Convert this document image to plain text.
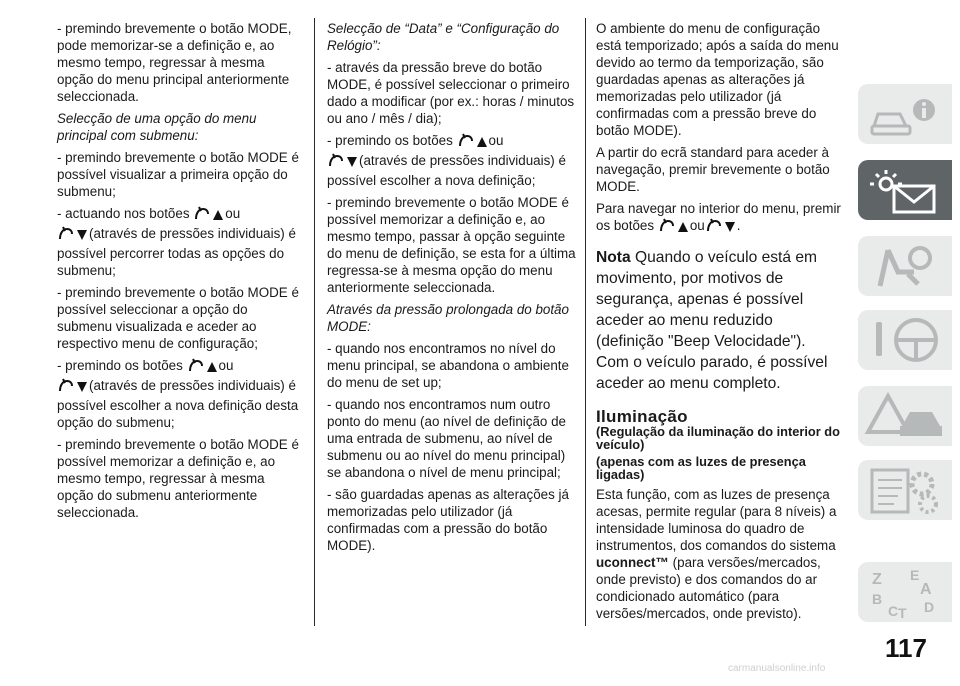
- premindo brevemente o botão MODE, pode memorizar-se a definição e, ao mesmo tempo, regressar à mesma opção do menu principal anteriormente seleccionada.

Selecção de uma opção do menu principal com submenu:

- premindo brevemente o botão MODE é possível visualizar a primeira opção do submenu;

- actuando nos botões	ou
(através de pressões individuais) é possível percorrer todas as opções do submenu;

- premindo brevemente o botão MODE é possível seleccionar a opção do submenu visualizada e aceder ao respectivo menu de configuração;

- premindo os botões	ou
(através de pressões individuais) é possível escolher a nova definição desta opção do submenu;

- premindo brevemente o botão MODE é possível memorizar a definição e, ao mesmo tempo, regressar à mesma opção do submenu anteriormente seleccionada.

Selecção de “Data” e “Configuração do Relógio”:

- através da pressão breve do botão MODE, é possível seleccionar o primeiro dado a modificar (por ex.: horas / minutos ou ano / mês / dia);

- premindo os botões	ou
(através de pressões individuais) é possível escolher a nova definição;

- premindo brevemente o botão MODE é possível memorizar a definição e, ao mesmo tempo, passar à opção seguinte do menu de definição, se esta for a última regressa-se à mesma opção do menu anteriormente seleccionada.

Através da pressão prolongada do botão MODE:

- quando nos encontramos no nível do menu principal, se abandona o ambiente do menu de set up;

- quando nos encontramos num outro ponto do menu (ao nível de definição de uma entrada de submenu, ao nível de submenu ou ao nível do menu principal) se abandona o nível de menu principal;

- são guardadas apenas as alterações já memorizadas pelo utilizador (já confirmadas com a pressão do botão MODE).

O ambiente do menu de configuração está temporizado; após a saída do menu devido ao termo da temporização, são guardadas apenas as alterações já memorizadas pelo utilizador (já confirmadas com a pressão breve do botão MODE).

A partir do ecrã standard para aceder à navegação, premir brevemente o botão MODE.

Para navegar no interior do menu, premir os botões	ou .

Nota Quando o veículo está em movimento, por motivos de segurança, apenas é possível aceder ao menu reduzido (definição "Beep Velocidade"). Com o veículo parado, é possível aceder ao menu completo.

Iluminação

(Regulação da iluminação do interior do veículo)

(apenas com as luzes de presença ligadas)

Esta função, com as luzes de presença acesas, permite regular (para 8 níveis) a intensidade luminosa do quadro de instrumentos, dos comandos do sistema uconnect™ (para versões/mercados, onde previsto) e dos comandos do ar condicionado automático (para versões/mercados, onde previsto).

Z E
A
B
C T D
117
carmanualsonline.info
